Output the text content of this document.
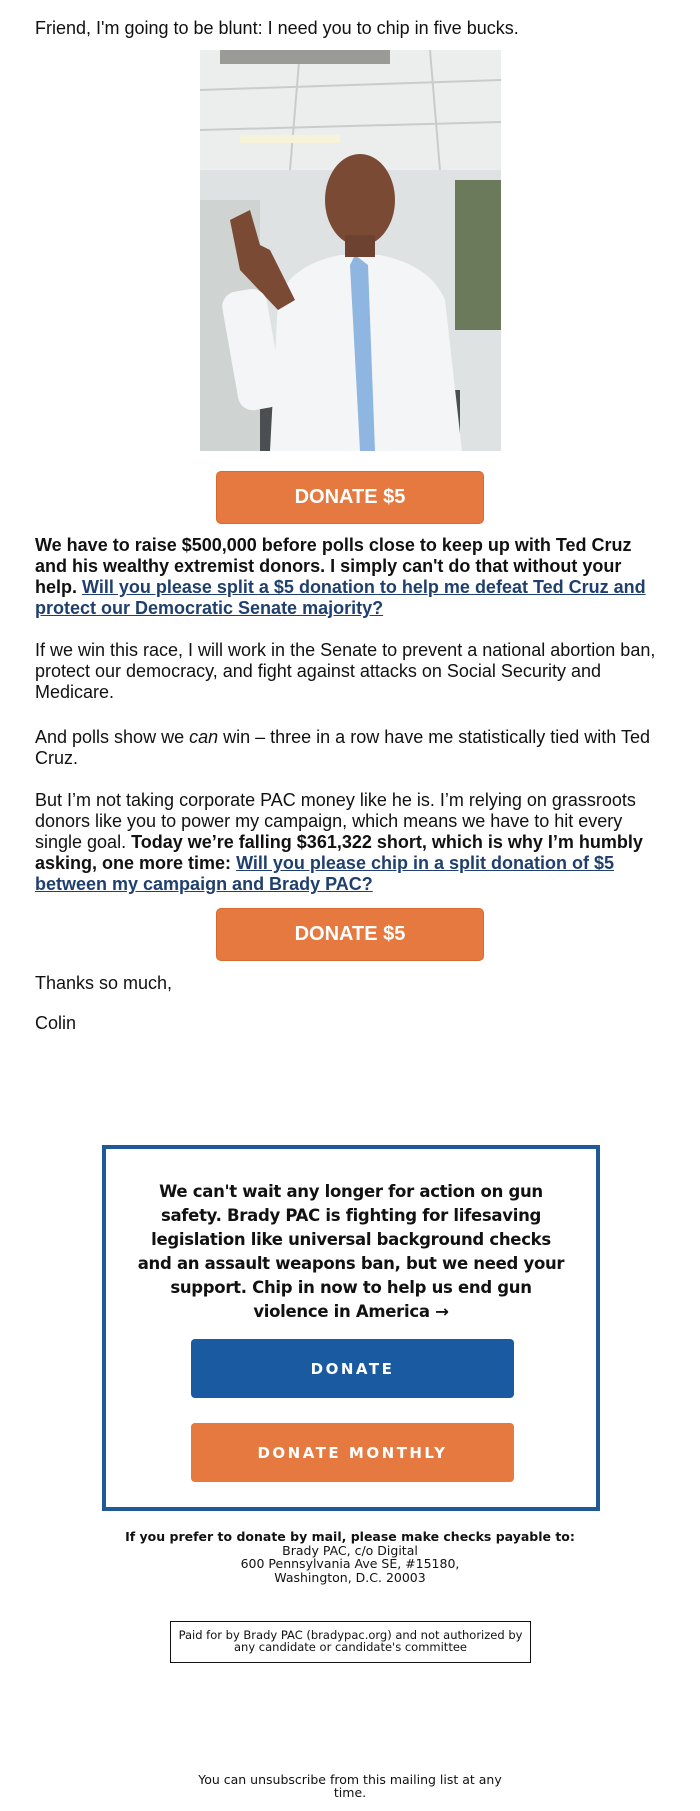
Friend, I'm going to be blunt: I need you to chip in five bucks.
DONATE $5
We have to raise $500,000 before polls close to keep up with Ted Cruz and his wealthy extremist donors. I simply can't do that without your help. Will you please split a $5 donation to help me defeat Ted Cruz and protect our Democratic Senate majority?
If we win this race, I will work in the Senate to prevent a national abortion ban, protect our democracy, and fight against attacks on Social Security and Medicare.
And polls show we can win – three in a row have me statistically tied with Ted Cruz.
But I’m not taking corporate PAC money like he is. I’m relying on grassroots donors like you to power my campaign, which means we have to hit every single goal. Today we’re falling $361,322 short, which is why I’m humbly asking, one more time: Will you please chip in a split donation of $5 between my campaign and Brady PAC?
DONATE $5
Thanks so much,
Colin
We can't wait any longer for action on gun safety. Brady PAC is fighting for lifesaving legislation like universal background checks and an assault weapons ban, but we need your support. Chip in now to help us end gun violence in America →
DONATE
DONATE MONTHLY
If you prefer to donate by mail, please make checks payable to:
Brady PAC, c/o Digital
600 Pennsylvania Ave SE, #15180,
Washington, D.C. 20003
Paid for by Brady PAC (bradypac.org) and not authorized by any candidate or candidate's committee
You can unsubscribe from this mailing list at any time.
